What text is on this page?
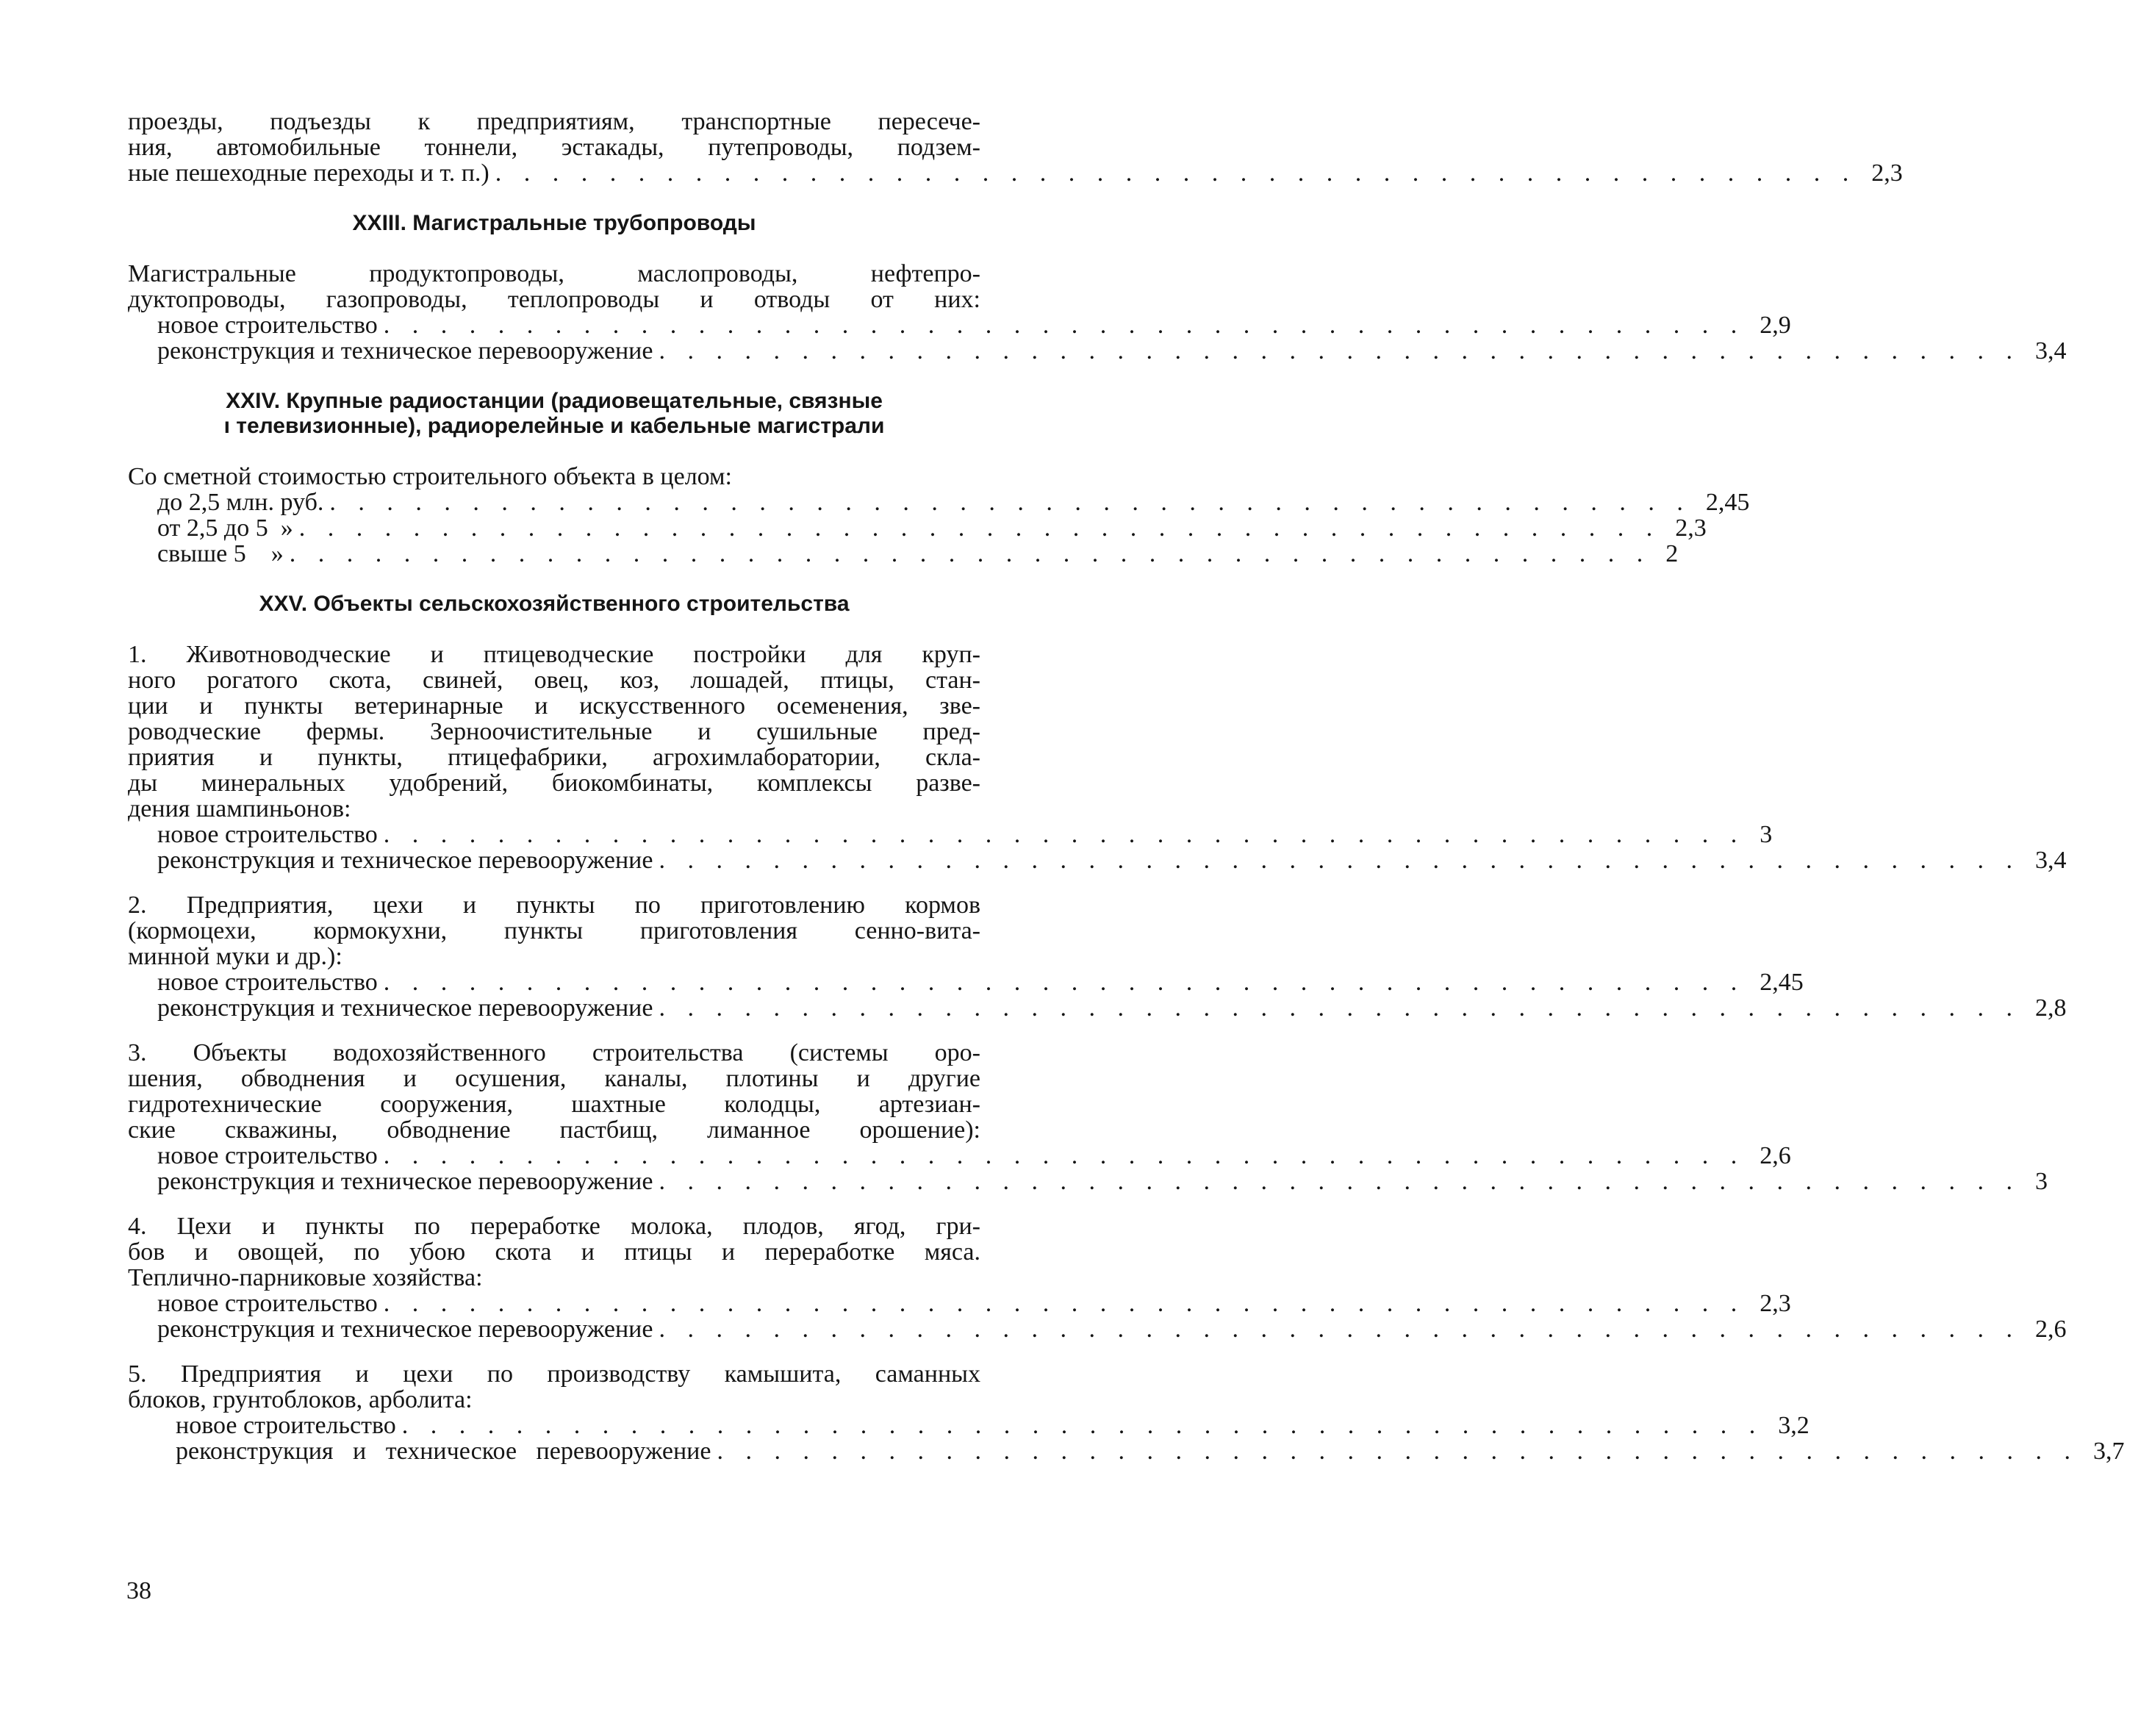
проезды, подъезды к предприятиям, транспортные пересече-
ния, автомобильные тоннели, эстакады, путепроводы, подзем-

ные пешеходные переходы и т. п.) . . . . . . . . . . . . . . . . . . . . . . . . . . . . . . . . . . . . . . . . . . . . . . . . 2,3

XXIII. Магистральные трубопроводы

Магистральные продуктопроводы, маслопроводы, нефтепро-
дуктопроводы, газопроводы, теплопроводы и отводы от них:

новое строительство . . . . . . . . . . . . . . . . . . . . . . . . . . . . . . . . . . . . . . . . . . . . . . . . 2,9
реконструкция и техническое перевооружение . . . . . . . . . . . . . . . . . . . . . . . . . . . . . . . . . . . . . . . . . . . . . . . . 3,4

XXIV. Крупные радиостанции (радиовещательные, связные
ı телевизионные), радиорелейные и кабельные магистрали

Со сметной стоимостью строительного объекта в целом:

до 2,5 млн. руб. . . . . . . . . . . . . . . . . . . . . . . . . . . . . . . . . . . . . . . . . . . . . . . . . 2,45
от 2,5 до 5  » . . . . . . . . . . . . . . . . . . . . . . . . . . . . . . . . . . . . . . . . . . . . . . . . 2,3
свыше 5    » . . . . . . . . . . . . . . . . . . . . . . . . . . . . . . . . . . . . . . . . . . . . . . . . 2

XXV. Объекты сельскохозяйственного строительства

1. Животноводческие и птицеводческие постройки для круп-
ного рогатого скота, свиней, овец, коз, лошадей, птицы, стан-
ции и пункты ветеринарные и искусственного осеменения, зве-
роводческие фермы. Зерноочистительные и сушильные пред-
приятия и пункты, птицефабрики, агрохимлаборатории, скла-
ды минеральных удобрений, биокомбинаты, комплексы разве-
дения шампиньонов:

новое строительство . . . . . . . . . . . . . . . . . . . . . . . . . . . . . . . . . . . . . . . . . . . . . . . . 3
реконструкция и техническое перевооружение . . . . . . . . . . . . . . . . . . . . . . . . . . . . . . . . . . . . . . . . . . . . . . . . 3,4

2. Предприятия, цехи и пункты по приготовлению кормов
(кормоцехи, кормокухни, пункты приготовления сенно-вита-
минной муки и др.):

новое строительство . . . . . . . . . . . . . . . . . . . . . . . . . . . . . . . . . . . . . . . . . . . . . . . . 2,45
реконструкция и техническое перевооружение . . . . . . . . . . . . . . . . . . . . . . . . . . . . . . . . . . . . . . . . . . . . . . . . 2,8

3. Объекты водохозяйственного строительства (системы оро-
шения, обводнения и осушения, каналы, плотины и другие
гидротехнические сооружения, шахтные колодцы, артезиан-
ские скважины, обводнение пастбищ, лиманное орошение):

новое строительство . . . . . . . . . . . . . . . . . . . . . . . . . . . . . . . . . . . . . . . . . . . . . . . . 2,6
реконструкция и техническое перевооружение . . . . . . . . . . . . . . . . . . . . . . . . . . . . . . . . . . . . . . . . . . . . . . . . 3

4. Цехи и пункты по переработке молока, плодов, ягод, гри-
бов и овощей, по убою скота и птицы и переработке мяса.
Теплично-парниковые хозяйства:

новое строительство . . . . . . . . . . . . . . . . . . . . . . . . . . . . . . . . . . . . . . . . . . . . . . . . 2,3
реконструкция и техническое перевооружение . . . . . . . . . . . . . . . . . . . . . . . . . . . . . . . . . . . . . . . . . . . . . . . . 2,6

5. Предприятия и цехи по производству камышита, саманных
блоков, грунтоблоков, арболита:

новое строительство . . . . . . . . . . . . . . . . . . . . . . . . . . . . . . . . . . . . . . . . . . . . . . . . 3,2
реконструкция и техническое перевооружение . . . . . . . . . . . . . . . . . . . . . . . . . . . . . . . . . . . . . . . . . . . . . . . . 3,7
38
